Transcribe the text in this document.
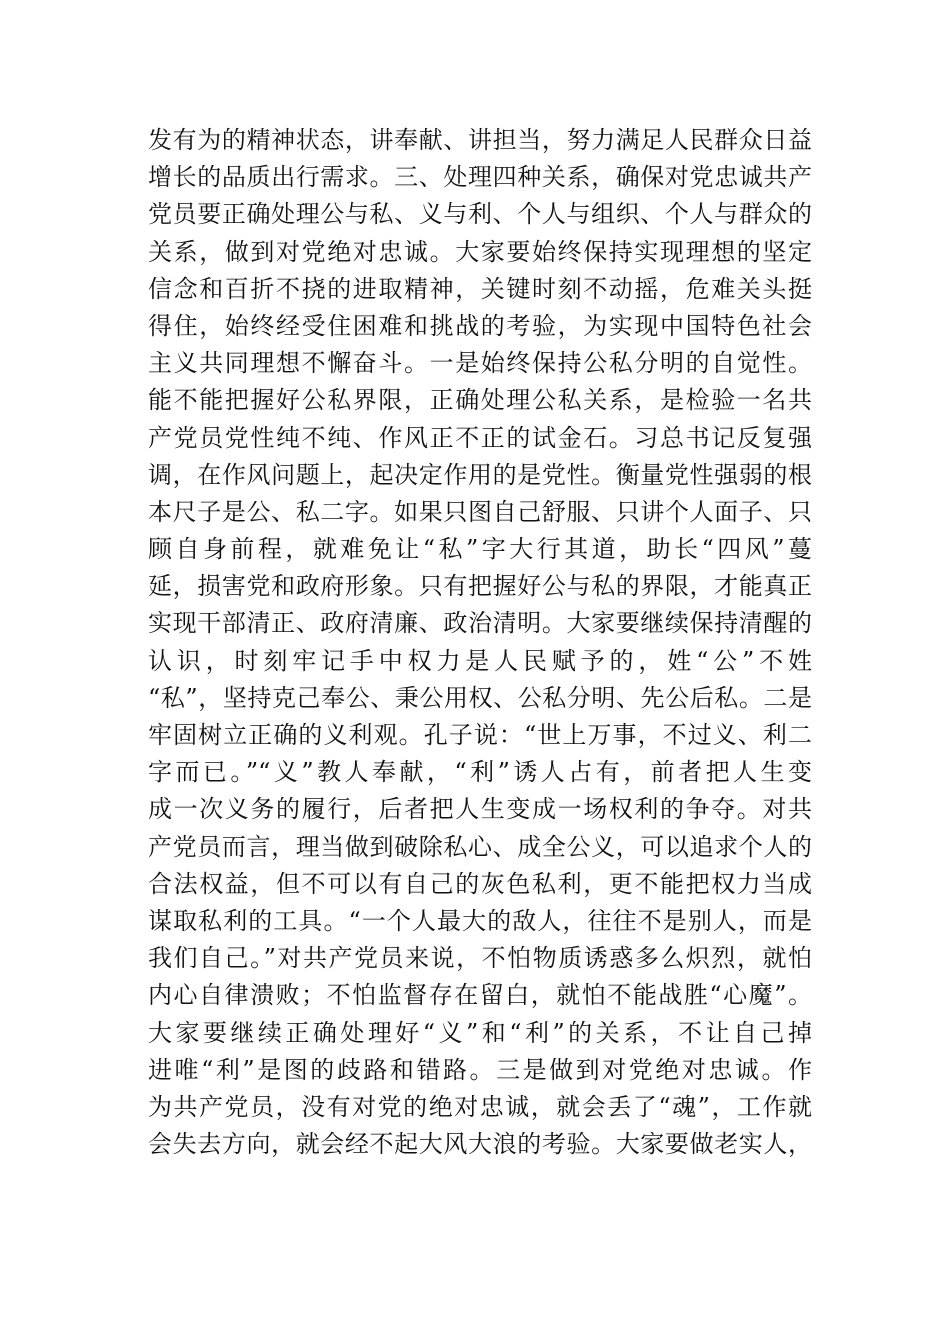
发有为的精神状态，讲奉献、讲担当，努力满足人民群众日益
增长的品质出行需求。三、处理四种关系，确保对党忠诚共产
党员要正确处理公与私、义与利、个人与组织、个人与群众的
关系，做到对党绝对忠诚。大家要始终保持实现理想的坚定
信念和百折不挠的进取精神，关键时刻不动摇，危难关头挺
得住，始终经受住困难和挑战的考验，为实现中国特色社会
主义共同理想不懈奋斗。一是始终保持公私分明的自觉性。
能不能把握好公私界限，正确处理公私关系，是检验一名共
产党员党性纯不纯、作风正不正的试金石。习总书记反复强
调，在作风问题上，起决定作用的是党性。衡量党性强弱的根
本尺子是公、私二字。如果只图自己舒服、只讲个人面子、只
顾自身前程，就难免让“私”字大行其道，助长“四风”蔓
延，损害党和政府形象。只有把握好公与私的界限，才能真正
实现干部清正、政府清廉、政治清明。大家要继续保持清醒的
认识，时刻牢记手中权力是人民赋予的，姓“公”不姓
“私”，坚持克己奉公、秉公用权、公私分明、先公后私。二是
牢固树立正确的义利观。孔子说：“世上万事，不过义、利二
字而已。”“义”教人奉献，“利”诱人占有，前者把人生变
成一次义务的履行，后者把人生变成一场权利的争夺。对共
产党员而言，理当做到破除私心、成全公义，可以追求个人的
合法权益，但不可以有自己的灰色私利，更不能把权力当成
谋取私利的工具。“一个人最大的敌人，往往不是别人，而是
我们自己。”对共产党员来说，不怕物质诱惑多么炽烈，就怕
内心自律溃败；不怕监督存在留白，就怕不能战胜“心魔”。
大家要继续正确处理好“义”和“利”的关系，不让自己掉
进唯“利”是图的歧路和错路。三是做到对党绝对忠诚。作
为共产党员，没有对党的绝对忠诚，就会丢了“魂”，工作就
会失去方向，就会经不起大风大浪的考验。大家要做老实人，
